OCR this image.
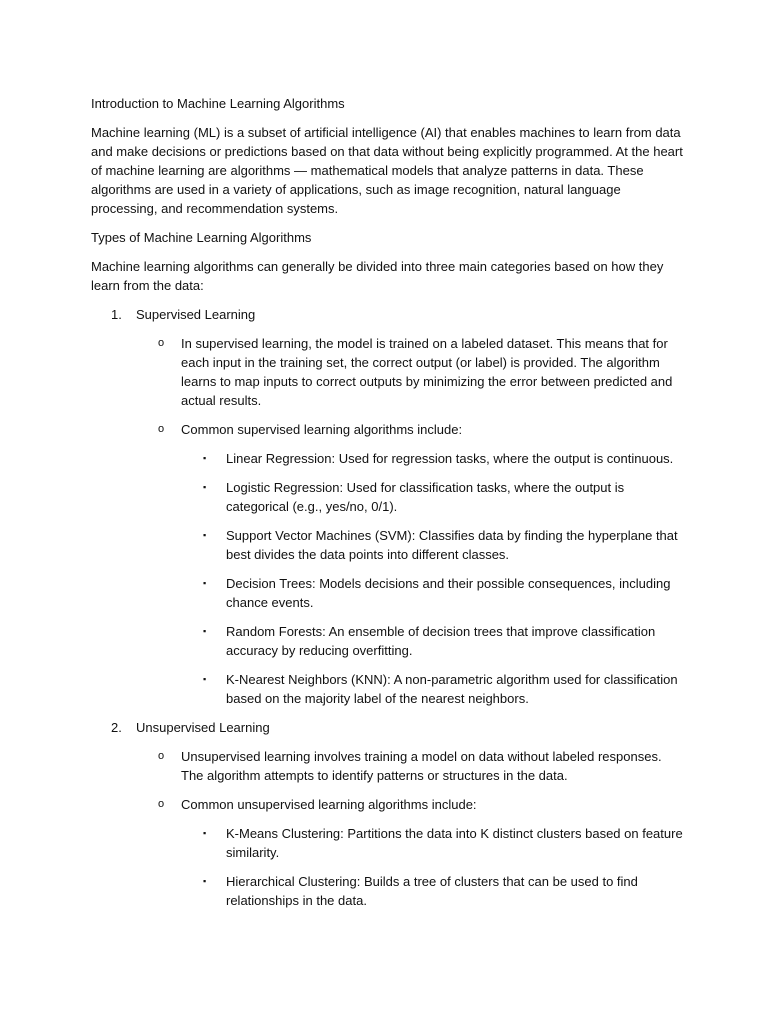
Introduction to Machine Learning Algorithms

Machine learning (ML) is a subset of artificial intelligence (AI) that enables machines to learn from data and make decisions or predictions based on that data without being explicitly programmed. At the heart of machine learning are algorithms — mathematical models that analyze patterns in data. These algorithms are used in a variety of applications, such as image recognition, natural language processing, and recommendation systems.

Types of Machine Learning Algorithms

Machine learning algorithms can generally be divided into three main categories based on how they learn from the data:

1. Supervised Learning
o In supervised learning, the model is trained on a labeled dataset. This means that for each input in the training set, the correct output (or label) is provided. The algorithm learns to map inputs to correct outputs by minimizing the error between predicted and actual results.
o Common supervised learning algorithms include:
▪ Linear Regression: Used for regression tasks, where the output is continuous.
▪ Logistic Regression: Used for classification tasks, where the output is categorical (e.g., yes/no, 0/1).
▪ Support Vector Machines (SVM): Classifies data by finding the hyperplane that best divides the data points into different classes.
▪ Decision Trees: Models decisions and their possible consequences, including chance events.
▪ Random Forests: An ensemble of decision trees that improve classification accuracy by reducing overfitting.
▪ K-Nearest Neighbors (KNN): A non-parametric algorithm used for classification based on the majority label of the nearest neighbors.
2. Unsupervised Learning
o Unsupervised learning involves training a model on data without labeled responses. The algorithm attempts to identify patterns or structures in the data.
o Common unsupervised learning algorithms include:
▪ K-Means Clustering: Partitions the data into K distinct clusters based on feature similarity.
▪ Hierarchical Clustering: Builds a tree of clusters that can be used to find relationships in the data.
